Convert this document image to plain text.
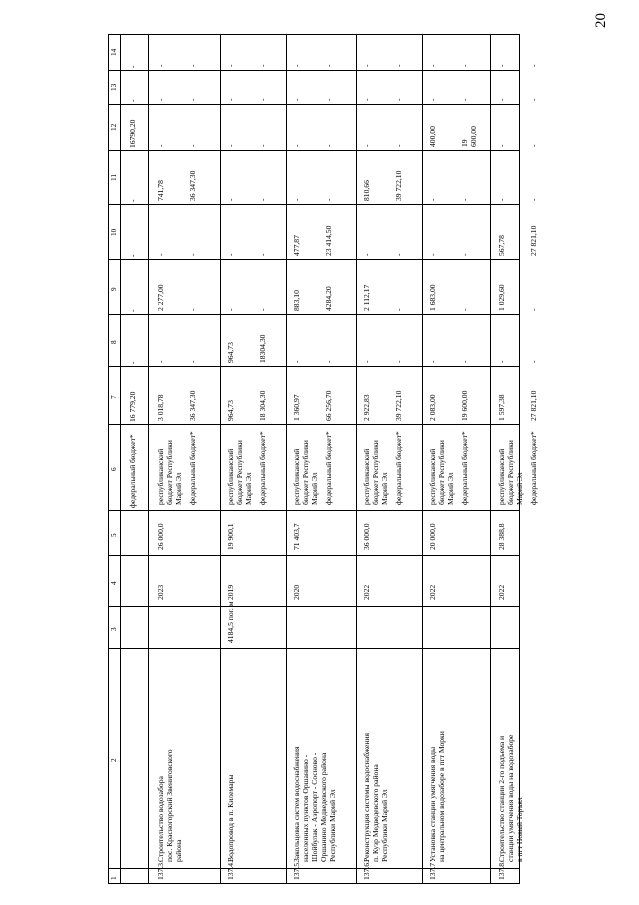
20
1
2
3
4
5
6
7
8
9
10
11
12
13
14
федеральный бюджет*
16 779,20
-
-
-
-
16790,20
-
-
137.3.
Строительство водозабора пос. Красногорский Звениговского района
2023
26 000,0
республиканский бюджет Республики Марий Эл
3 018,78
-
2 277,00
-
741,78
-
-
-
федеральный бюджет*
36 347,30
-
-
-
36 347,30
-
-
-
137.4.
Водопровод в п. Килемары
4184,5 пог. м
2019
19 900,1
республиканский бюджет Республики Марий Эл
964,73
964,73
-
-
-
-
-
-
федеральный бюджет*
18 304,30
18304,30
-
-
-
-
-
-
137.5.
Закольцовка систем водоснабжения населенных пунктов Оршанино - Шойбулак - Аэропорт - Сосново - Оршанино Медведевского района Республики Марий Эл
2020
71 403,7
республиканский бюджет Республики Марий Эл
1 360,97
-
883,10
477,87
-
-
-
-
федеральный бюджет*
66 256,70
-
4284,20
23 414,50
-
-
-
-
137.6.
Реконструкция системы водоснабжения п. Кузр Медведевского района Республики Марий Эл
2022
36 000,0
республиканский бюджет Республики Марий Эл
2 922,83
-
2 112,17
-
810,66
-
-
-
федеральный бюджет*
39 722,10
-
-
-
39 722,10
-
-
-
137.7
Установка станции умягчения воды на центральном водозаборе в пгт Морки
2022
20 000,0
республиканский бюджет Республики Марий Эл
2 083,00
-
1 683,00
-
-
400,00
-
-
федеральный бюджет*
19 600,00
-
-
-
-
19 600,00
-
-
137.8.
Строительство станции 2-го подъема и станции умягчения воды на водозаборе в пгт Новый Торъял
2022
28 388,8
республиканский бюджет Республики Марий Эл
1 597,38
-
1 029,60
567,78
-
-
-
-
федеральный бюджет*
27 821,10
-
-
27 821,10
-
-
-
-
